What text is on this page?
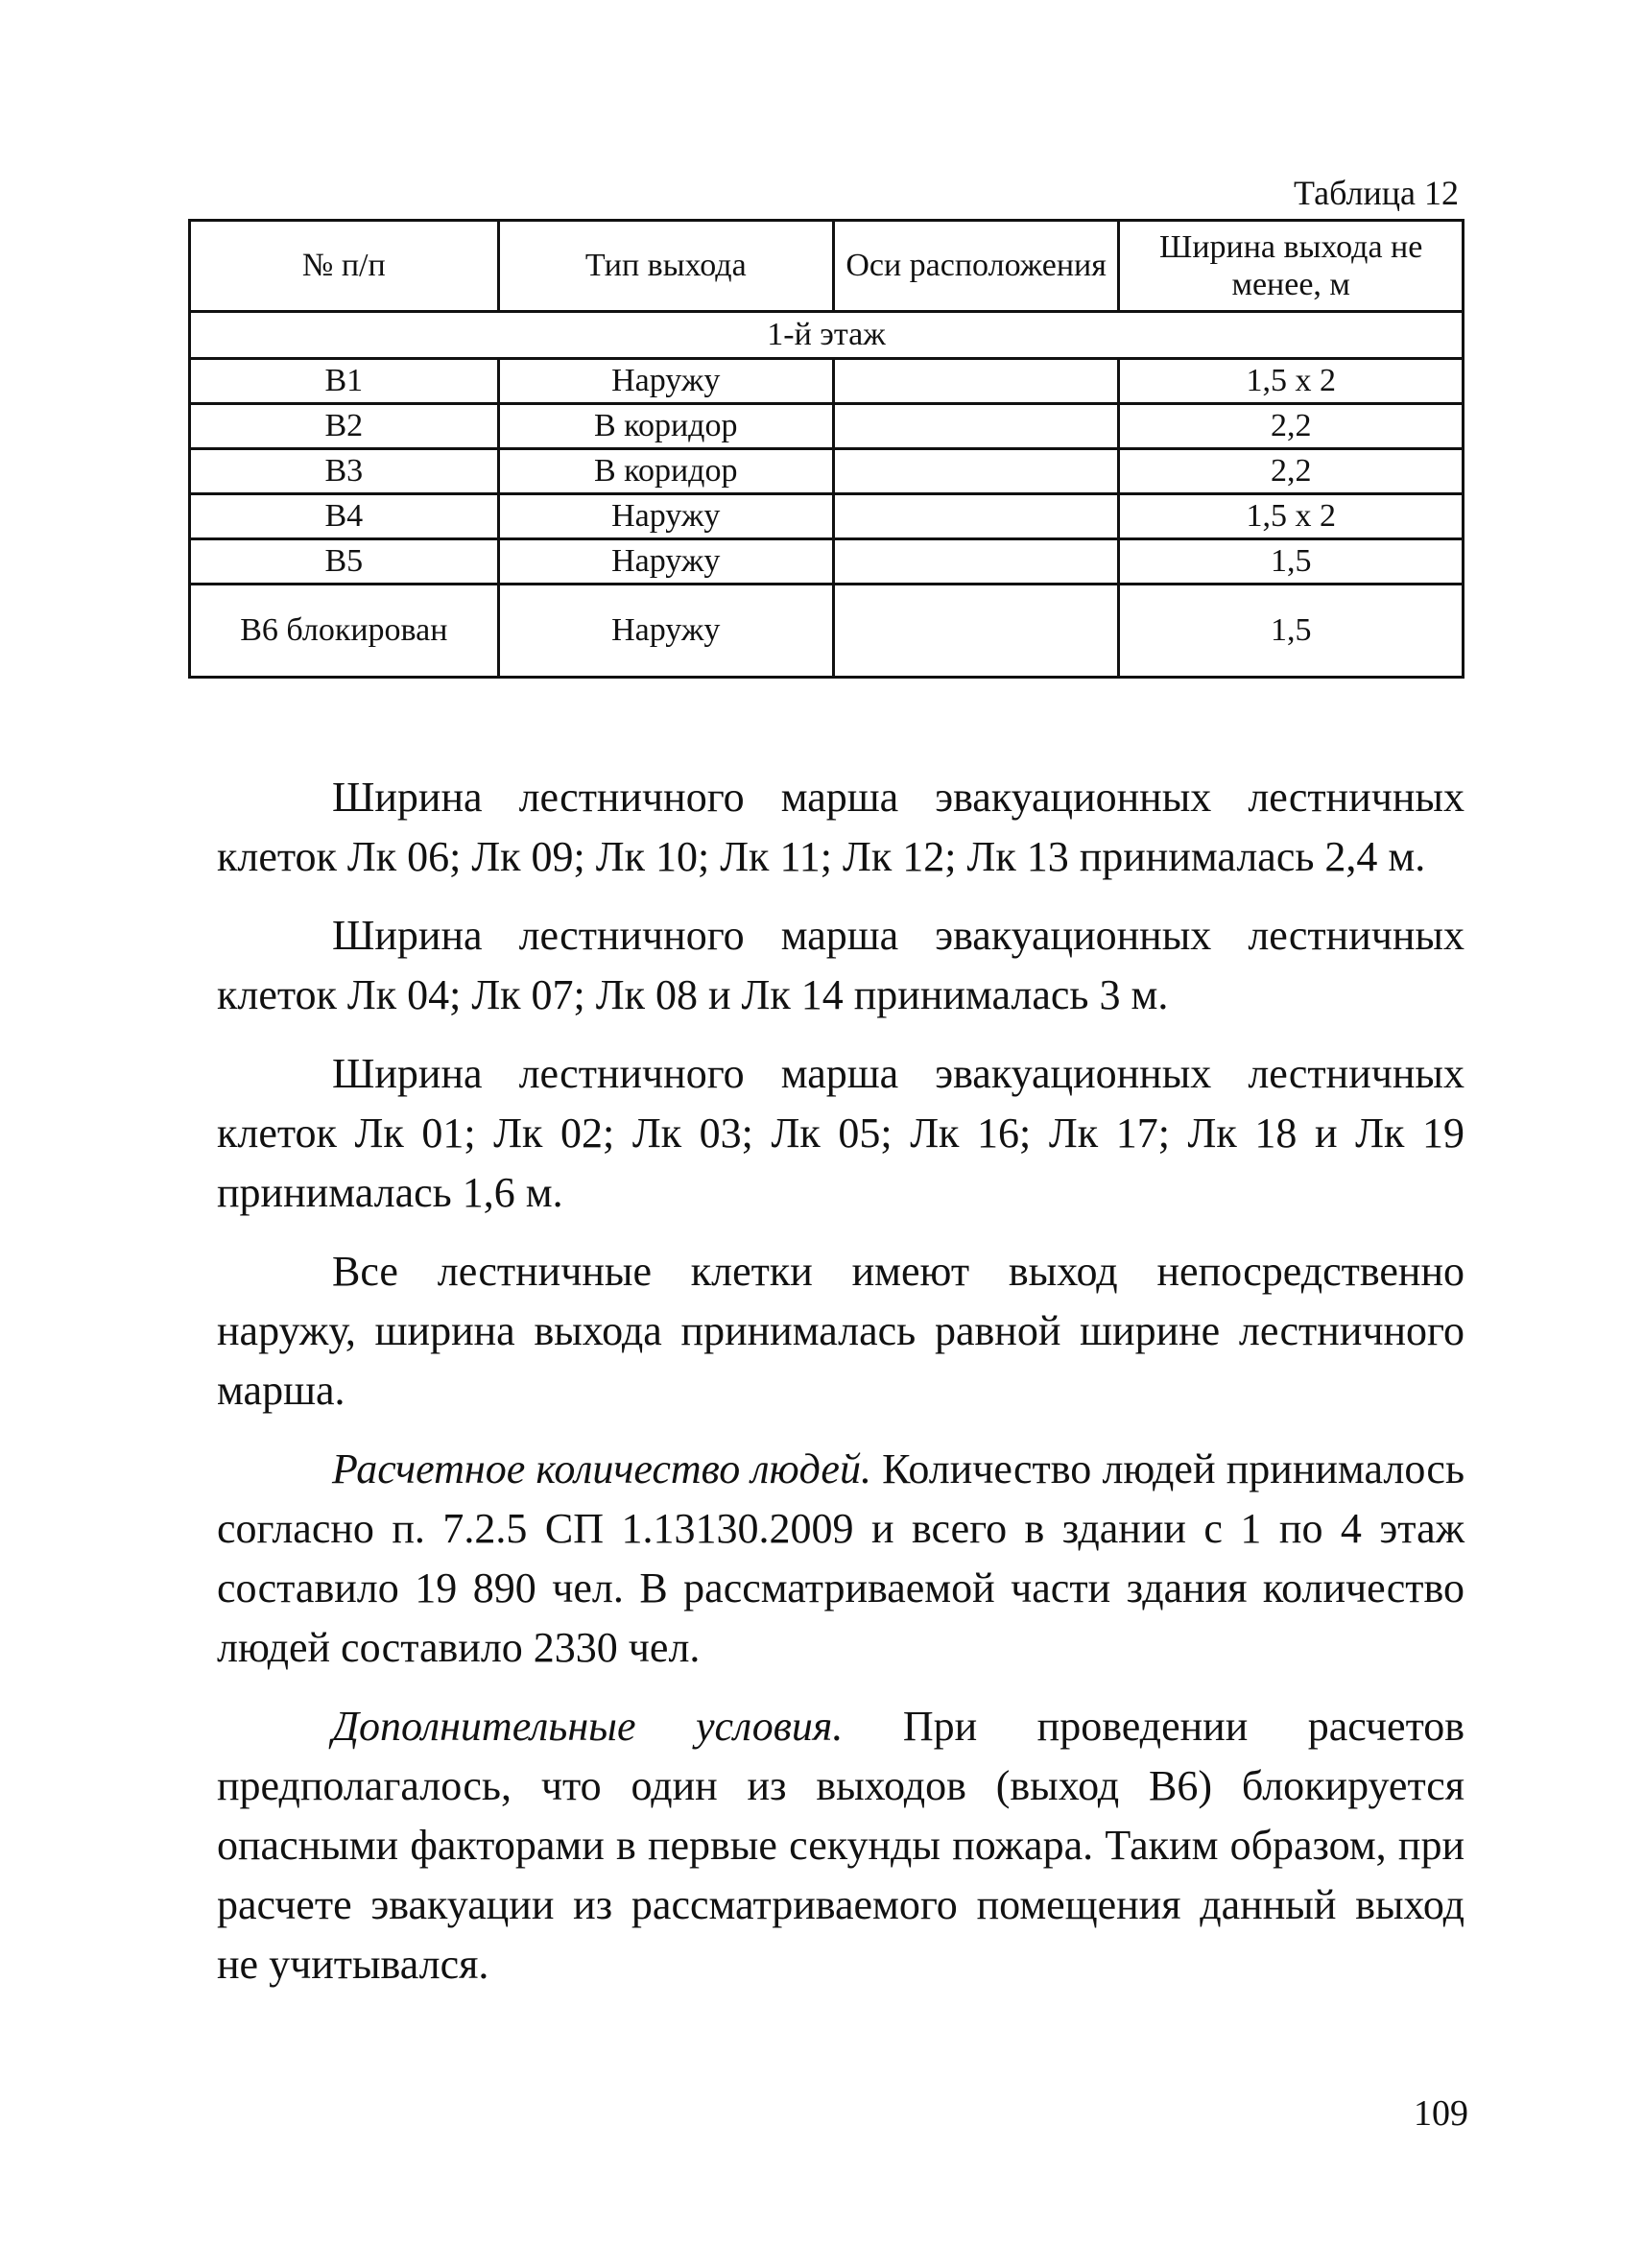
Таблица 12
№ п/п	Тип выхода	Оси расположения	Ширина выхода не менее, м
1-й этаж			
В1	Наружу		1,5 х 2
В2	В коридор		2,2
В3	В коридор		2,2
В4	Наружу		1,5 х 2
В5	Наружу		1,5
В6 блокирован	Наружу		1,5

Ширина лестничного марша эвакуационных лестничных клеток Лк 06; Лк 09; Лк 10; Лк 11; Лк 12; Лк 13 принималась 2,4 м.

Ширина лестничного марша эвакуационных лестничных клеток Лк 04; Лк 07; Лк 08 и Лк 14 принималась 3 м.

Ширина лестничного марша эвакуационных лестничных клеток Лк 01; Лк 02; Лк 03; Лк 05; Лк 16; Лк 17; Лк 18 и Лк 19 принималась 1,6 м.

Все лестничные клетки имеют выход непосредственно наружу, ширина выхода принималась равной ширине лестничного марша.

Расчетное количество людей. Количество людей принималось согласно п. 7.2.5 СП 1.13130.2009 и всего в здании с 1 по 4 этаж составило 19 890 чел. В рассматриваемой части здания количество людей составило 2330 чел.

Дополнительные условия. При проведении расчетов предполагалось, что один из выходов (выход В6) блокируется опасными факторами в первые секунды пожара. Таким образом, при расчете эвакуации из рассматриваемого помещения данный выход не учитывался.

109
